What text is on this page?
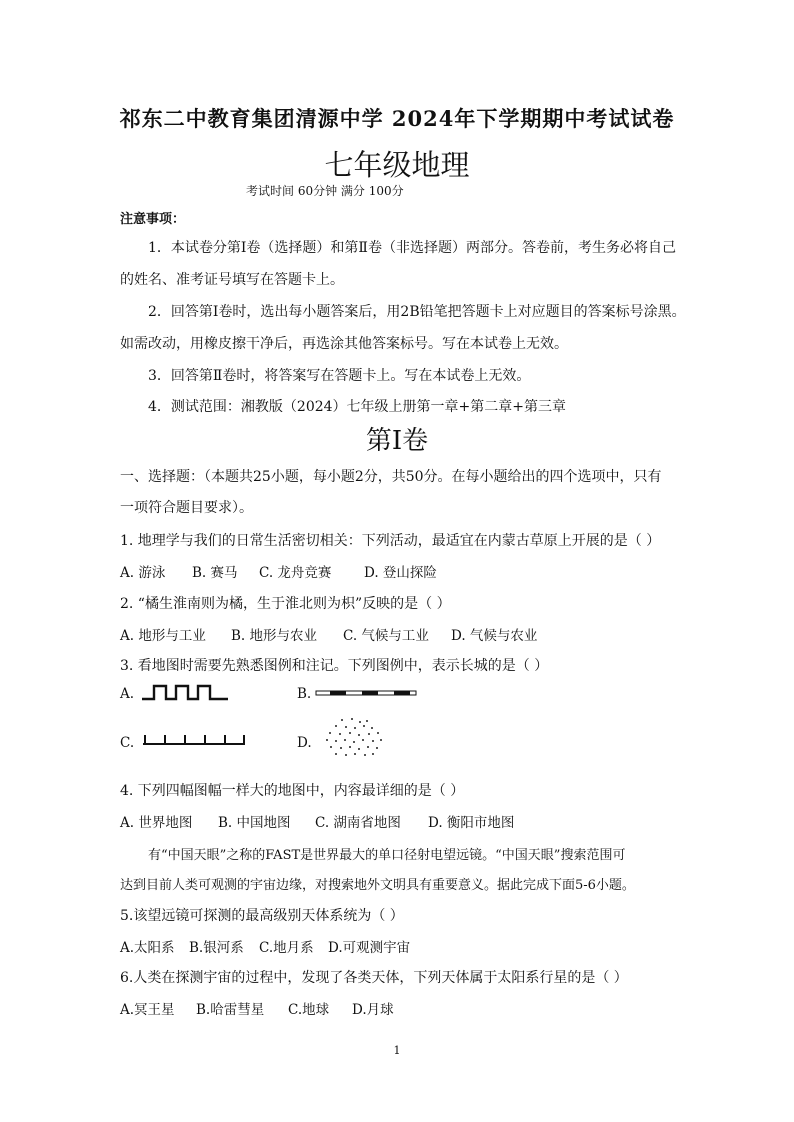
祁东二中教育集团清源中学 2024年下学期期中考试试卷
七年级地理
考试时间 60分钟 满分 100分
注意事项：
1．本试卷分第Ⅰ卷（选择题）和第Ⅱ卷（非选择题）两部分。答卷前，考生务必将自己
的姓名、准考证号填写在答题卡上。
2．回答第Ⅰ卷时，选出每小题答案后，用2B铅笔把答题卡上对应题目的答案标号涂黑。
如需改动，用橡皮擦干净后，再选涂其他答案标号。写在本试卷上无效。
3．回答第Ⅱ卷时，将答案写在答题卡上。写在本试卷上无效。
4．测试范围：湘教版（2024）七年级上册第一章+第二章+第三章
第Ⅰ卷
一、选择题：（本题共25小题，每小题2分，共50分。在每小题给出的四个选项中，只有
一项符合题目要求）。
1. 地理学与我们的日常生活密切相关：下列活动，最适宜在内蒙古草原上开展的是（ ）
A. 游泳 B. 赛马 C. 龙舟竞赛 D. 登山探险
2. “橘生淮南则为橘，生于淮北则为枳”反映的是（ ）
A. 地形与工业 B. 地形与农业 C. 气候与工业 D. 气候与农业
3. 看地图时需要先熟悉图例和注记。下列图例中，表示长城的是（ ）
A.	B.
C.	D.
4. 下列四幅图幅一样大的地图中，内容最详细的是（ ）
A. 世界地图 B. 中国地图 C. 湖南省地图 D. 衡阳市地图
有“中国天眼”之称的FAST是世界最大的单口径射电望远镜。“中国天眼”搜索范围可
达到目前人类可观测的宇宙边缘，对搜索地外文明具有重要意义。据此完成下面5-6小题。
5.该望远镜可探测的最高级别天体系统为（ ）
A.太阳系 B.银河系 C.地月系 D.可观测宇宙
6.人类在探测宇宙的过程中，发现了各类天体，下列天体属于太阳系行星的是（ ）
A.冥王星 B.哈雷彗星 C.地球 D.月球
1
